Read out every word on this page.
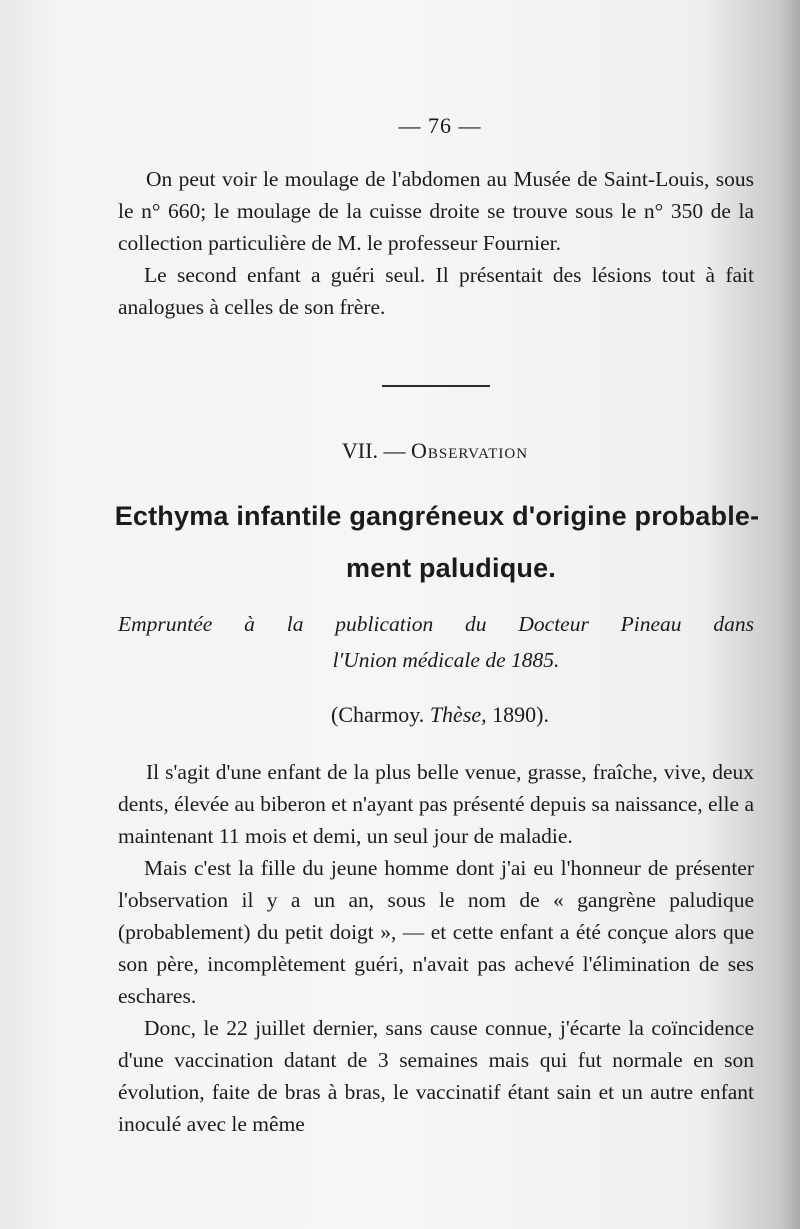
— 76 —

On peut voir le moulage de l'abdomen au Musée de Saint-Louis, sous le n° 660; le moulage de la cuisse droite se trouve sous le n° 350 de la collection particulière de M. le professeur Fournier.

Le second enfant a guéri seul. Il présentait des lésions tout à fait analogues à celles de son frère.

VII. — Observation
Ecthyma infantile gangréneux d'origine probable-
ment paludique.
Empruntée à la publication du Docteur Pineau dans
l'Union médicale de 1885.
(Charmoy. Thèse, 1890).

Il s'agit d'une enfant de la plus belle venue, grasse, fraîche, vive, deux dents, élevée au biberon et n'ayant pas présenté depuis sa naissance, elle a maintenant 11 mois et demi, un seul jour de maladie.

Mais c'est la fille du jeune homme dont j'ai eu l'honneur de présenter l'observation il y a un an, sous le nom de « gangrène paludique (probablement) du petit doigt », — et cette enfant a été conçue alors que son père, incomplètement guéri, n'avait pas achevé l'élimination de ses eschares.

Donc, le 22 juillet dernier, sans cause connue, j'écarte la coïncidence d'une vaccination datant de 3 semaines mais qui fut normale en son évolution, faite de bras à bras, le vaccinatif étant sain et un autre enfant inoculé avec le même
